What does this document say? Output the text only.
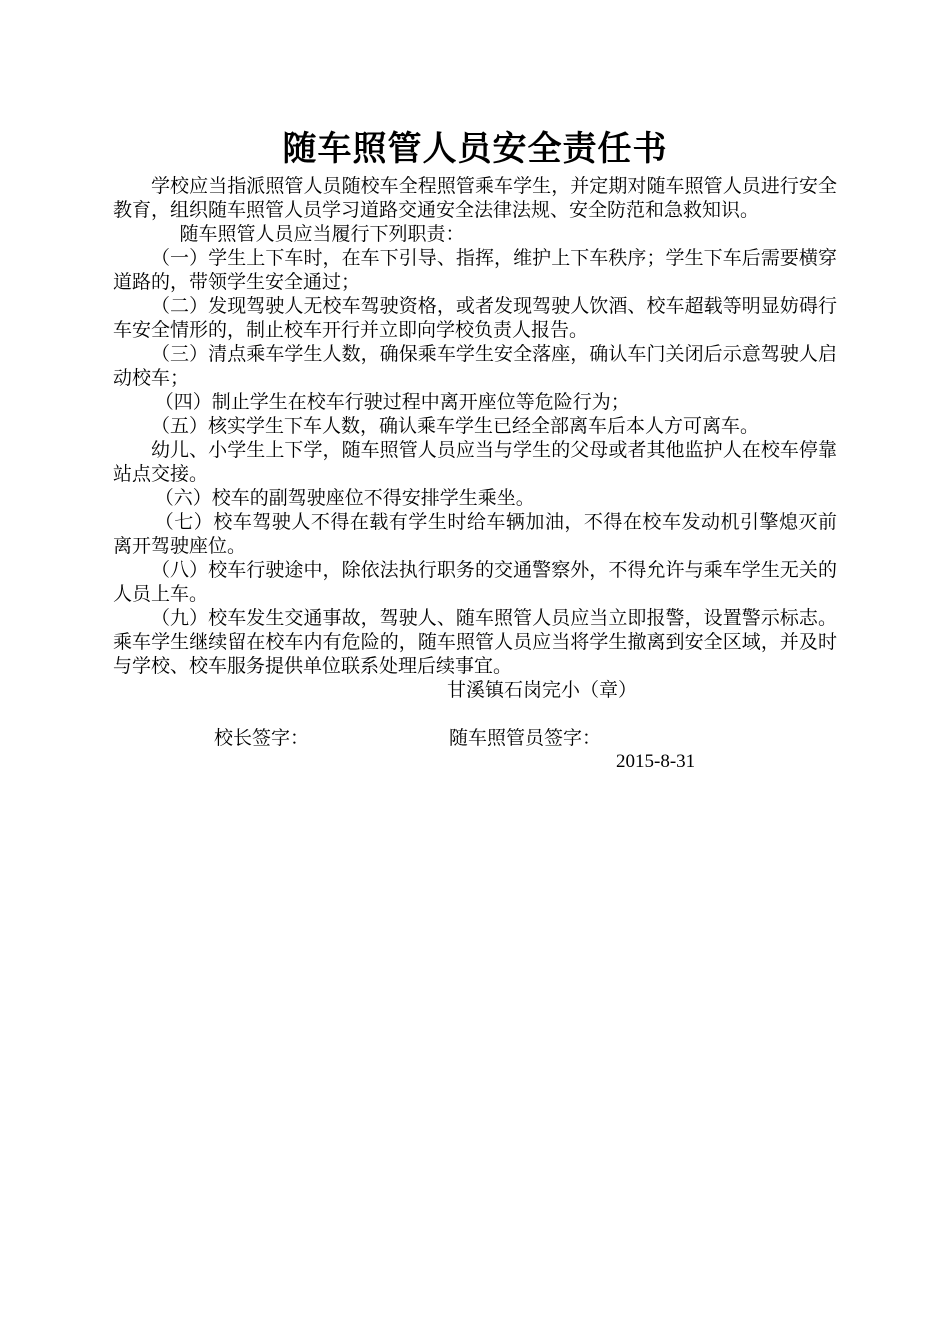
随车照管人员安全责任书

学校应当指派照管人员随校车全程照管乘车学生，并定期对随车照管人员进行安全教育，组织随车照管人员学习道路交通安全法律法规、安全防范和急救知识。

随车照管人员应当履行下列职责：

（一）学生上下车时，在车下引导、指挥，维护上下车秩序；学生下车后需要横穿道路的，带领学生安全通过；

（二）发现驾驶人无校车驾驶资格，或者发现驾驶人饮酒、校车超载等明显妨碍行车安全情形的，制止校车开行并立即向学校负责人报告。

（三）清点乘车学生人数，确保乘车学生安全落座，确认车门关闭后示意驾驶人启动校车；

（四）制止学生在校车行驶过程中离开座位等危险行为；

（五）核实学生下车人数，确认乘车学生已经全部离车后本人方可离车。

幼儿、小学生上下学，随车照管人员应当与学生的父母或者其他监护人在校车停靠站点交接。

（六）校车的副驾驶座位不得安排学生乘坐。

（七）校车驾驶人不得在载有学生时给车辆加油，不得在校车发动机引擎熄灭前离开驾驶座位。

（八）校车行驶途中，除依法执行职务的交通警察外，不得允许与乘车学生无关的人员上车。

（九）校车发生交通事故，驾驶人、随车照管人员应当立即报警，设置警示标志。乘车学生继续留在校车内有危险的，随车照管人员应当将学生撤离到安全区域，并及时与学校、校车服务提供单位联系处理后续事宜。

甘溪镇石岗完小（章）

校长签字：	随车照管员签字：

2015-8-31
